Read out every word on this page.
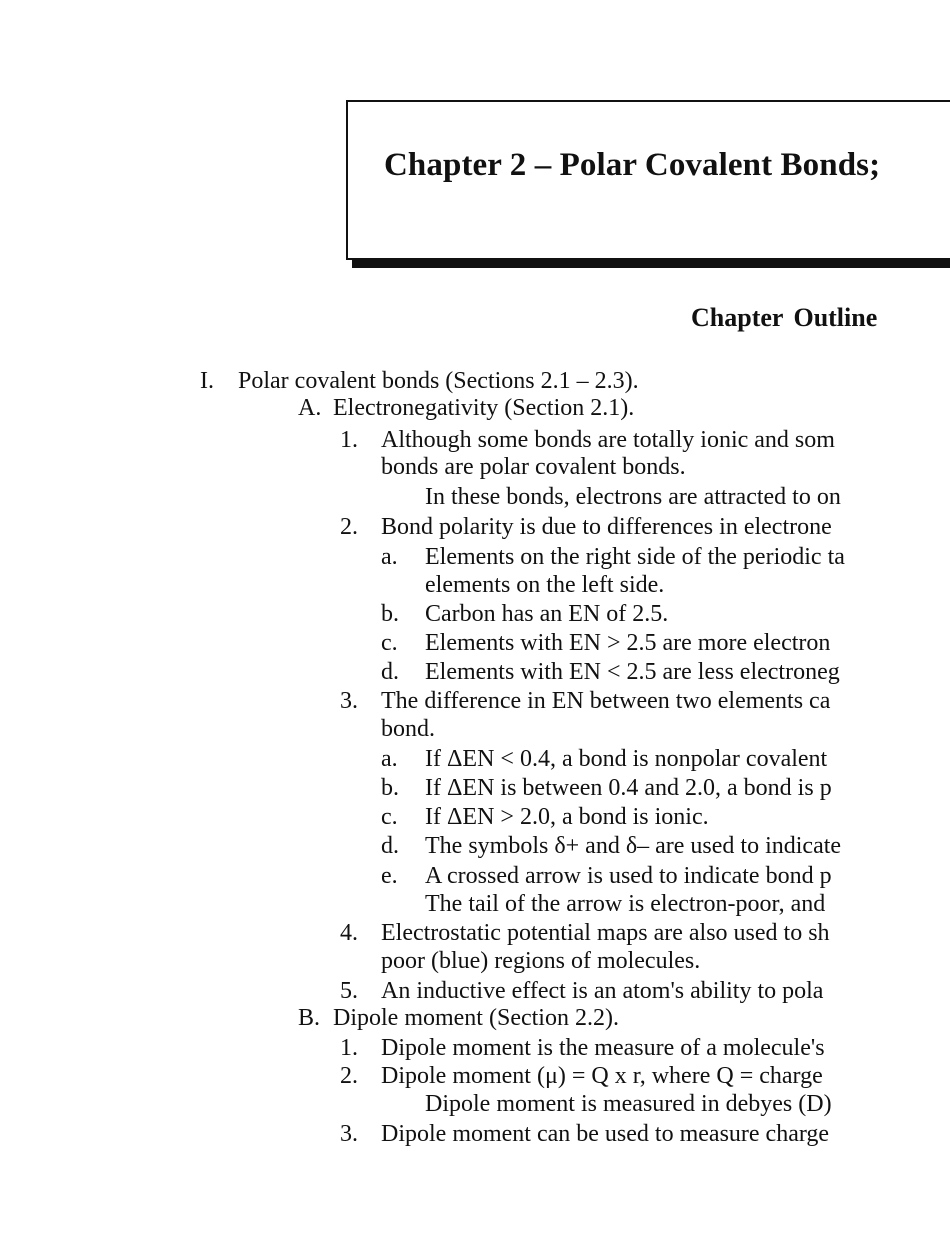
Chapter 2 – Polar Covalent Bonds;
Chapter Outline
I. Polar covalent bonds (Sections 2.1 – 2.3).
A. Electronegativity (Section 2.1).
1. Although some bonds are totally ionic and som
bonds are polar covalent bonds.
In these bonds, electrons are attracted to on
2. Bond polarity is due to differences in electrone
a. Elements on the right side of the periodic ta
elements on the left side.
b. Carbon has an EN of 2.5.
c. Elements with EN > 2.5 are more electron
d. Elements with EN < 2.5 are less electroneg
3. The difference in EN between two elements ca
bond.
a. If ΔEN < 0.4, a bond is nonpolar covalent
b. If ΔEN is between 0.4 and 2.0, a bond is p
c. If ΔEN > 2.0, a bond is ionic.
d. The symbols δ+ and δ– are used to indicate
e. A crossed arrow is used to indicate bond p
The tail of the arrow is electron-poor, and
4. Electrostatic potential maps are also used to sh
poor (blue) regions of molecules.
5. An inductive effect is an atom's ability to pola
B. Dipole moment (Section 2.2).
1. Dipole moment is the measure of a molecule's
2. Dipole moment (μ) = Q x r, where Q = charge
Dipole moment is measured in debyes (D)
3. Dipole moment can be used to measure charge
